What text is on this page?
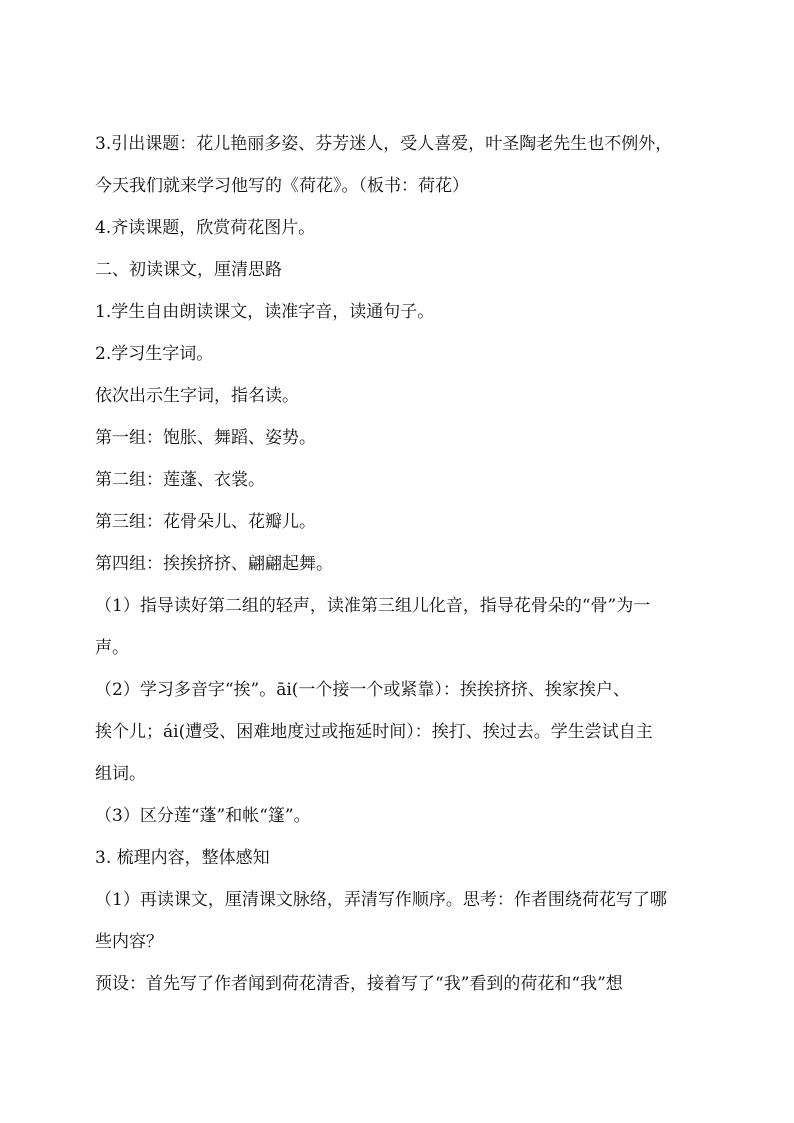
3.引出课题：花儿艳丽多姿、芬芳迷人，受人喜爱，叶圣陶老先生也不例外，
今天我们就来学习他写的《荷花》。（板书：荷花）
4.齐读课题，欣赏荷花图片。
二、初读课文，厘清思路
1.学生自由朗读课文，读准字音，读通句子。
2.学习生字词。
依次出示生字词，指名读。
第一组：饱胀、舞蹈、姿势。
第二组：莲蓬、衣裳。
第三组：花骨朵儿、花瓣儿。
第四组：挨挨挤挤、翩翩起舞。
（1）指导读好第二组的轻声，读准第三组儿化音，指导花骨朵的“骨”为一
声。
（2）学习多音字“挨”。āi(一个接一个或紧靠）：挨挨挤挤、挨家挨户、
挨个儿；ái(遭受、困难地度过或拖延时间）：挨打、挨过去。学生尝试自主
组词。
（3）区分莲“蓬”和帐“篷”。
3. 梳理内容，整体感知
（1）再读课文，厘清课文脉络，弄清写作顺序。思考：作者围绕荷花写了哪
些内容？
预设：首先写了作者闻到荷花清香，接着写了“我”看到的荷花和“我”想
